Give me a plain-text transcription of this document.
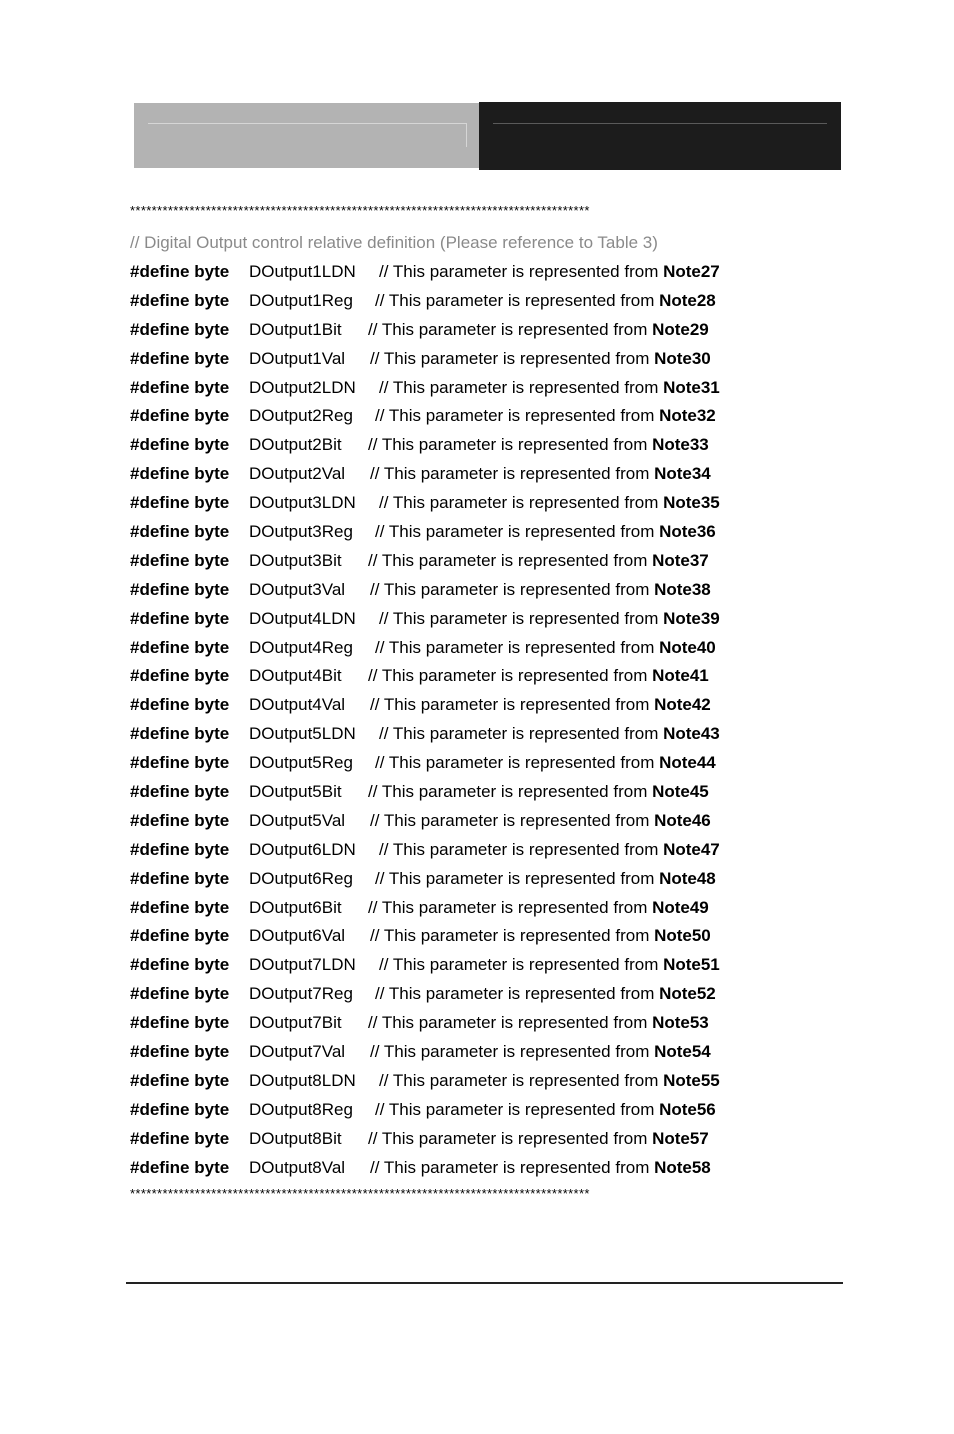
*************************************************************************************
// Digital Output control relative definition (Please reference to Table 3)
#define byte DOutput1LDN // This parameter is represented from Note27
#define byte DOutput1Reg // This parameter is represented from Note28
#define byte DOutput1Bit // This parameter is represented from Note29
#define byte DOutput1Val // This parameter is represented from Note30
#define byte DOutput2LDN // This parameter is represented from Note31
#define byte DOutput2Reg // This parameter is represented from Note32
#define byte DOutput2Bit // This parameter is represented from Note33
#define byte DOutput2Val // This parameter is represented from Note34
#define byte DOutput3LDN // This parameter is represented from Note35
#define byte DOutput3Reg // This parameter is represented from Note36
#define byte DOutput3Bit // This parameter is represented from Note37
#define byte DOutput3Val // This parameter is represented from Note38
#define byte DOutput4LDN // This parameter is represented from Note39
#define byte DOutput4Reg // This parameter is represented from Note40
#define byte DOutput4Bit // This parameter is represented from Note41
#define byte DOutput4Val // This parameter is represented from Note42
#define byte DOutput5LDN // This parameter is represented from Note43
#define byte DOutput5Reg // This parameter is represented from Note44
#define byte DOutput5Bit // This parameter is represented from Note45
#define byte DOutput5Val // This parameter is represented from Note46
#define byte DOutput6LDN // This parameter is represented from Note47
#define byte DOutput6Reg // This parameter is represented from Note48
#define byte DOutput6Bit // This parameter is represented from Note49
#define byte DOutput6Val // This parameter is represented from Note50
#define byte DOutput7LDN // This parameter is represented from Note51
#define byte DOutput7Reg // This parameter is represented from Note52
#define byte DOutput7Bit // This parameter is represented from Note53
#define byte DOutput7Val // This parameter is represented from Note54
#define byte DOutput8LDN // This parameter is represented from Note55
#define byte DOutput8Reg // This parameter is represented from Note56
#define byte DOutput8Bit // This parameter is represented from Note57
#define byte DOutput8Val // This parameter is represented from Note58
*************************************************************************************
